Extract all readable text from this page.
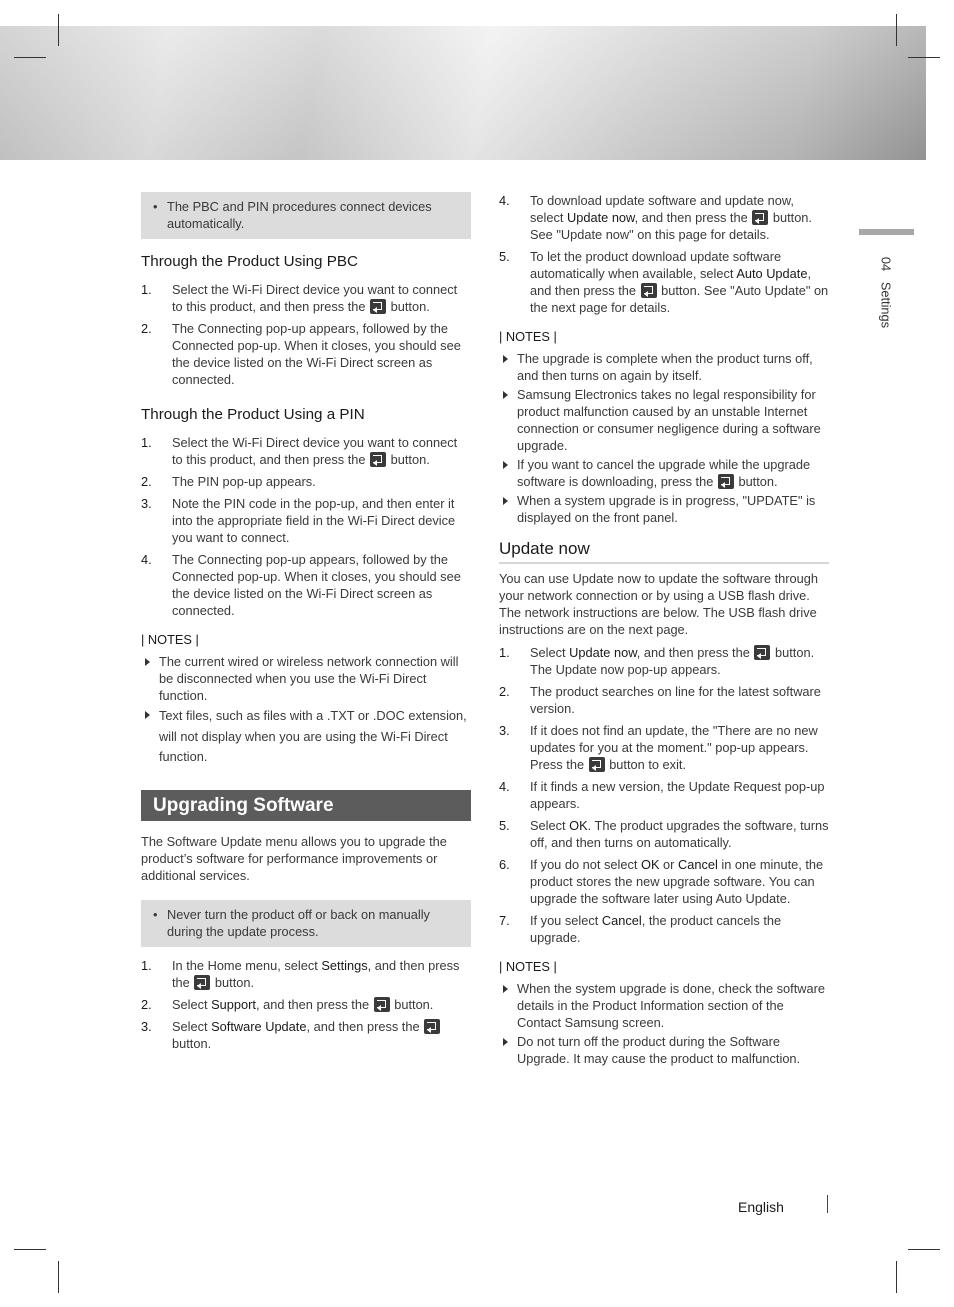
• The PBC and PIN procedures connect devices automatically.
Through the Product Using PBC
1. Select the Wi-Fi Direct device you want to connect to this product, and then press the button.
2. The Connecting pop-up appears, followed by the Connected pop-up. When it closes, you should see the device listed on the Wi-Fi Direct screen as connected.
Through the Product Using a PIN
1. Select the Wi-Fi Direct device you want to connect to this product, and then press the button.
2. The PIN pop-up appears.
3. Note the PIN code in the pop-up, and then enter it into the appropriate field in the Wi-Fi Direct device you want to connect.
4. The Connecting pop-up appears, followed by the Connected pop-up. When it closes, you should see the device listed on the Wi-Fi Direct screen as connected.
| NOTES |
The current wired or wireless network connection will be disconnected when you use the Wi-Fi Direct function.
Text files, such as files with a .TXT or .DOC extension, will not display when you are using the Wi-Fi Direct function.
Upgrading Software
The Software Update menu allows you to upgrade the product’s software for performance improvements or additional services.
• Never turn the product off or back on manually during the update process.
1. In the Home menu, select Settings, and then press the button.
2. Select Support, and then press the button.
3. Select Software Update, and then press the  button.
4. To download update software and update now, select Update now, and then press the button. See "Update now" on this page for details.
5. To let the product download update software automatically when available, select Auto Update, and then press the button. See "Auto Update" on the next page for details.
| NOTES |
The upgrade is complete when the product turns off, and then turns on again by itself.
Samsung Electronics takes no legal responsibility for product malfunction caused by an unstable Internet connection or consumer negligence during a software upgrade.
If you want to cancel the upgrade while the upgrade software is downloading, press the button.
When a system upgrade is in progress, "UPDATE" is displayed on the front panel.
Update now
You can use Update now to update the software through your network connection or by using a USB flash drive. The network instructions are below. The USB flash drive instructions are on the next page.
1. Select Update now, and then press the button. The Update now pop-up appears.
2. The product searches on line for the latest software version.
3. If it does not find an update, the "There are no new updates for you at the moment." pop-up appears. Press the button to exit.
4. If it finds a new version, the Update Request pop-up appears.
5. Select OK. The product upgrades the software, turns off, and then turns on automatically.
6. If you do not select OK or Cancel in one minute, the product stores the new upgrade software. You can upgrade the software later using Auto Update.
7. If you select Cancel, the product cancels the upgrade.
| NOTES |
When the system upgrade is done, check the software details in the Product Information section of the Contact Samsung screen.
Do not turn off the product during the Software Upgrade. It may cause the product to malfunction.
04   Settings
English
